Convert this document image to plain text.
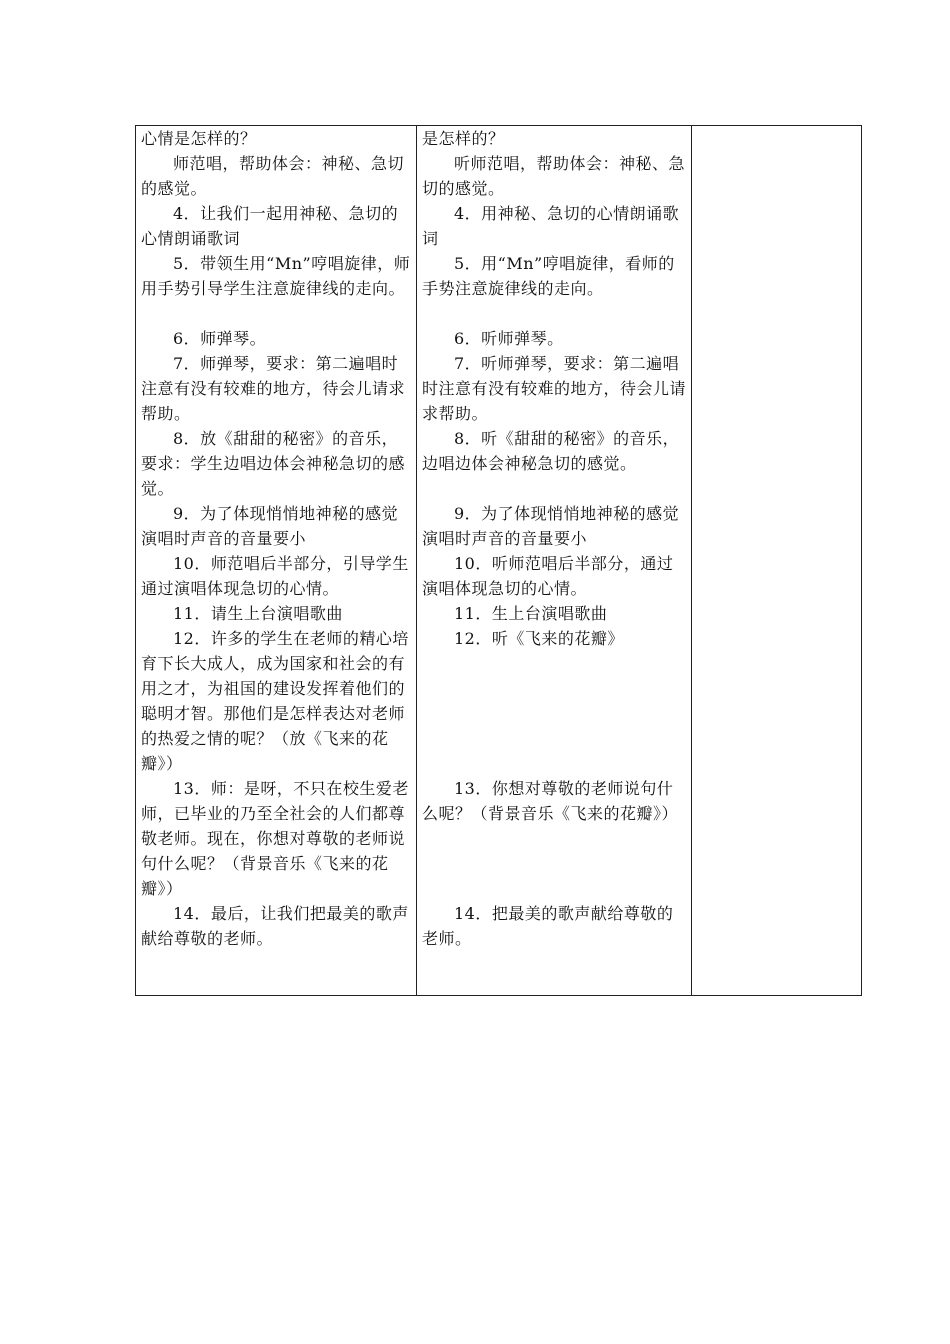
心情是怎样的？
师范唱，帮助体会：神秘、急切的感觉。
4．让我们一起用神秘、急切的心情朗诵歌词
5．带领生用“Mn”哼唱旋律，师用手势引导学生注意旋律线的走向。
6．师弹琴。
7．师弹琴，要求：第二遍唱时注意有没有较难的地方，待会儿请求帮助。
8．放《甜甜的秘密》的音乐，要求：学生边唱边体会神秘急切的感觉。
9．为了体现悄悄地神秘的感觉演唱时声音的音量要小
10．师范唱后半部分，引导学生通过演唱体现急切的心情。
11．请生上台演唱歌曲
12．许多的学生在老师的精心培育下长大成人，成为国家和社会的有用之才，为祖国的建设发挥着他们的聪明才智。那他们是怎样表达对老师的热爱之情的呢？（放《飞来的花瓣》）
13．师：是呀，不只在校生爱老师，已毕业的乃至全社会的人们都尊敬老师。现在，你想对尊敬的老师说句什么呢？（背景音乐《飞来的花瓣》）
14．最后，让我们把最美的歌声献给尊敬的老师。
是怎样的？
听师范唱，帮助体会：神秘、急切的感觉。
4．用神秘、急切的心情朗诵歌词
5．用“Mn”哼唱旋律，看师的手势注意旋律线的走向。
6．听师弹琴。
7．听师弹琴，要求：第二遍唱时注意有没有较难的地方，待会儿请求帮助。
8．听《甜甜的秘密》的音乐，边唱边体会神秘急切的感觉。
9．为了体现悄悄地神秘的感觉演唱时声音的音量要小
10．听师范唱后半部分，通过演唱体现急切的心情。
11．生上台演唱歌曲
12．听《飞来的花瓣》
13．你想对尊敬的老师说句什么呢？（背景音乐《飞来的花瓣》）
14．把最美的歌声献给尊敬的老师。
